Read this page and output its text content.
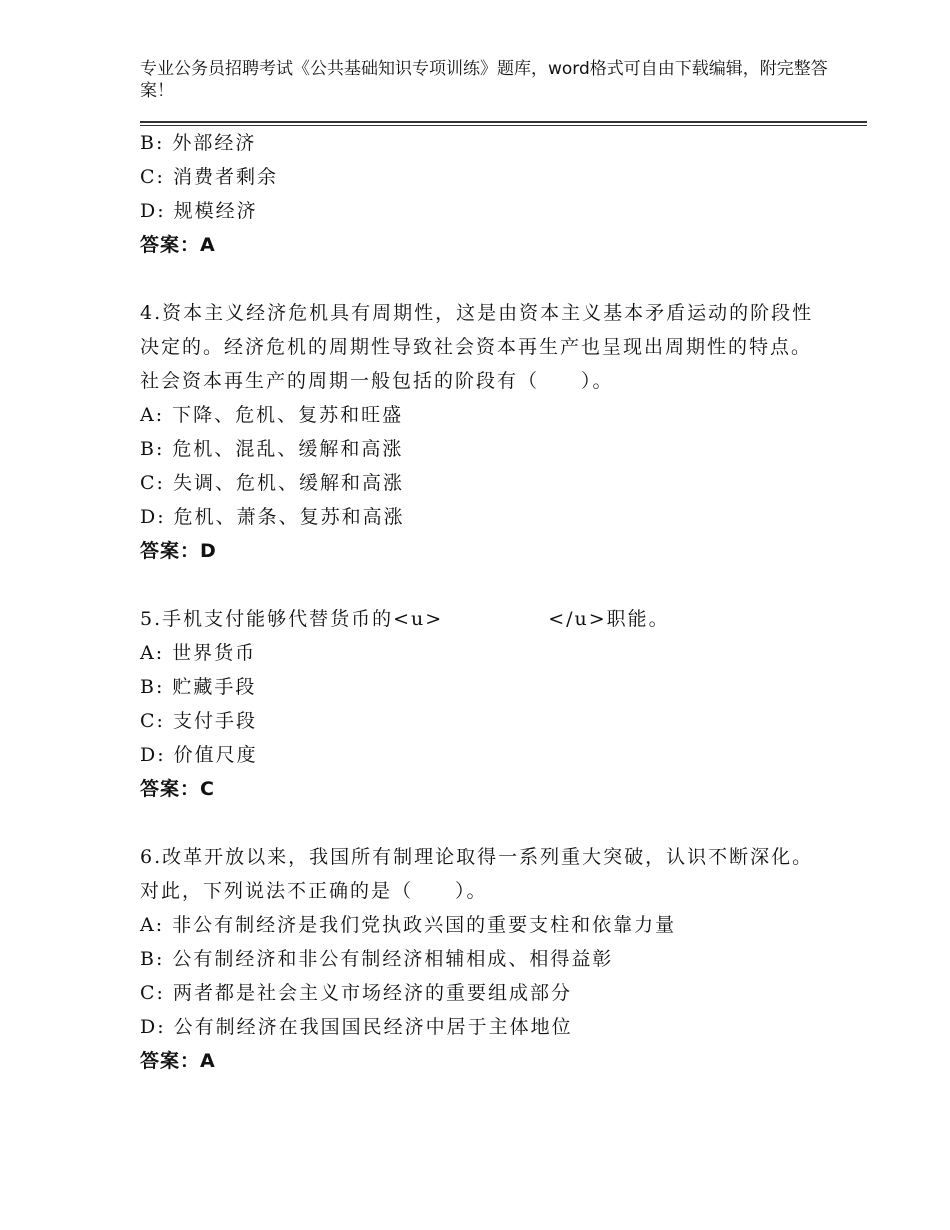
专业公务员招聘考试《公共基础知识专项训练》题库，word格式可自由下载编辑，附完整答案！
B: 外部经济
C: 消费者剩余
D: 规模经济
答案：A
4.资本主义经济危机具有周期性，这是由资本主义基本矛盾运动的阶段性决定的。经济危机的周期性导致社会资本再生产也呈现出周期性的特点。社会资本再生产的周期一般包括的阶段有（　　）。
A: 下降、危机、复苏和旺盛
B: 危机、混乱、缓解和高涨
C: 失调、危机、缓解和高涨
D: 危机、萧条、复苏和高涨
答案：D
5.手机支付能够代替货币的<u>　　　　　</u>职能。
A: 世界货币
B: 贮藏手段
C: 支付手段
D: 价值尺度
答案：C
6.改革开放以来，我国所有制理论取得一系列重大突破，认识不断深化。对此，下列说法不正确的是（　　）。
A: 非公有制经济是我们党执政兴国的重要支柱和依靠力量
B: 公有制经济和非公有制经济相辅相成、相得益彰
C: 两者都是社会主义市场经济的重要组成部分
D: 公有制经济在我国国民经济中居于主体地位
答案：A
